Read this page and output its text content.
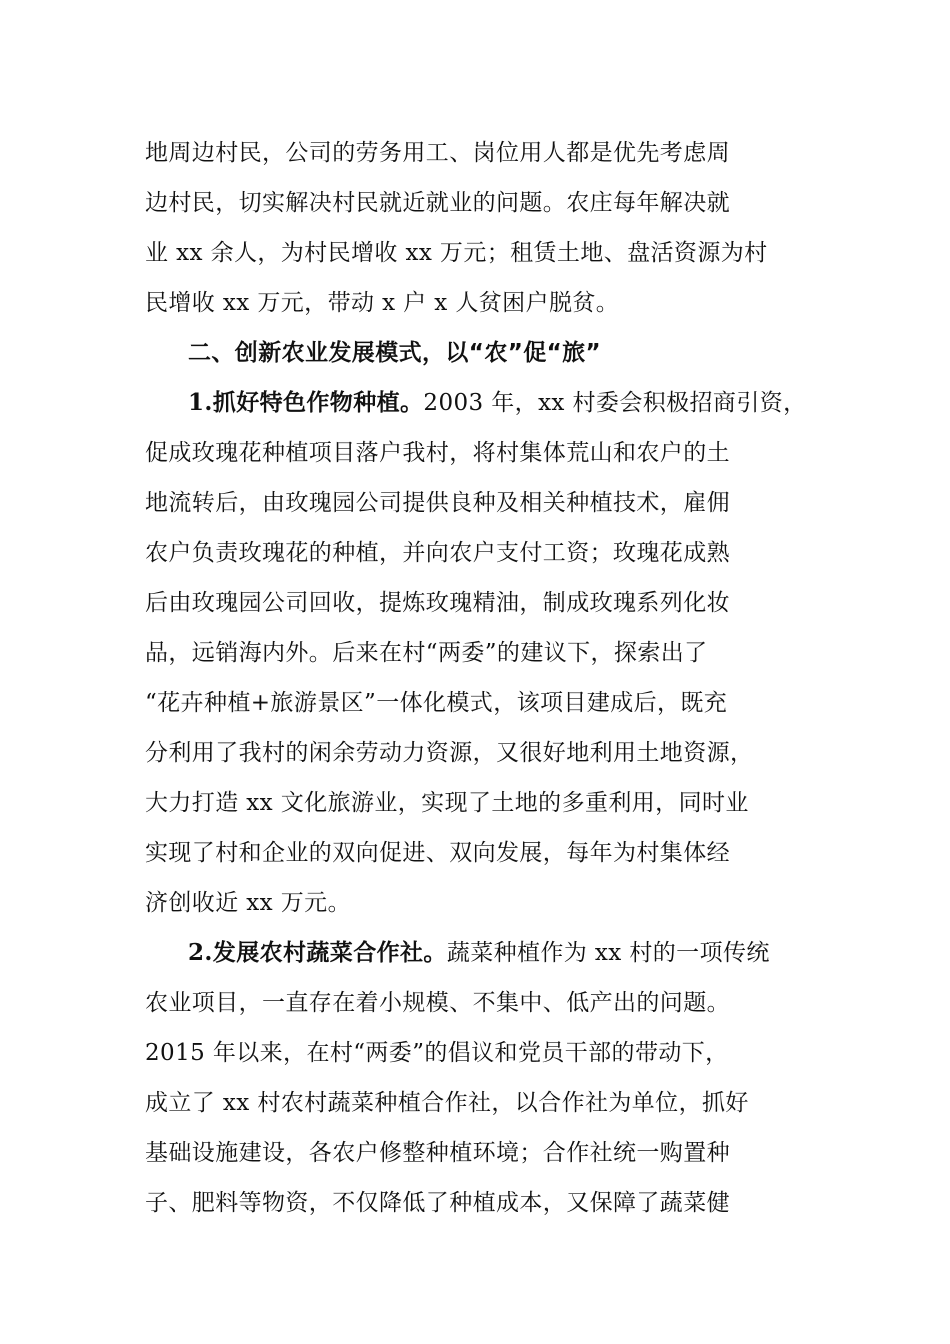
地周边村民，公司的劳务用工、岗位用人都是优先考虑周
边村民，切实解决村民就近就业的问题。农庄每年解决就
业 xx 余人，为村民增收 xx 万元；租赁土地、盘活资源为村
民增收 xx 万元，带动 x 户 x 人贫困户脱贫。
二、创新农业发展模式，以“农”促“旅”
1.抓好特色作物种植。2003 年，xx 村委会积极招商引资，
促成玫瑰花种植项目落户我村，将村集体荒山和农户的土
地流转后，由玫瑰园公司提供良种及相关种植技术，雇佣
农户负责玫瑰花的种植，并向农户支付工资；玫瑰花成熟
后由玫瑰园公司回收，提炼玫瑰精油，制成玫瑰系列化妆
品，远销海内外。后来在村“两委”的建议下，探索出了
“花卉种植+旅游景区”一体化模式，该项目建成后，既充
分利用了我村的闲余劳动力资源，又很好地利用土地资源，
大力打造 xx 文化旅游业，实现了土地的多重利用，同时业
实现了村和企业的双向促进、双向发展，每年为村集体经
济创收近 xx 万元。
2.发展农村蔬菜合作社。蔬菜种植作为 xx 村的一项传统
农业项目，一直存在着小规模、不集中、低产出的问题。
2015 年以来，在村“两委”的倡议和党员干部的带动下，
成立了 xx 村农村蔬菜种植合作社，以合作社为单位，抓好
基础设施建设，各农户修整种植环境；合作社统一购置种
子、肥料等物资，不仅降低了种植成本，又保障了蔬菜健
